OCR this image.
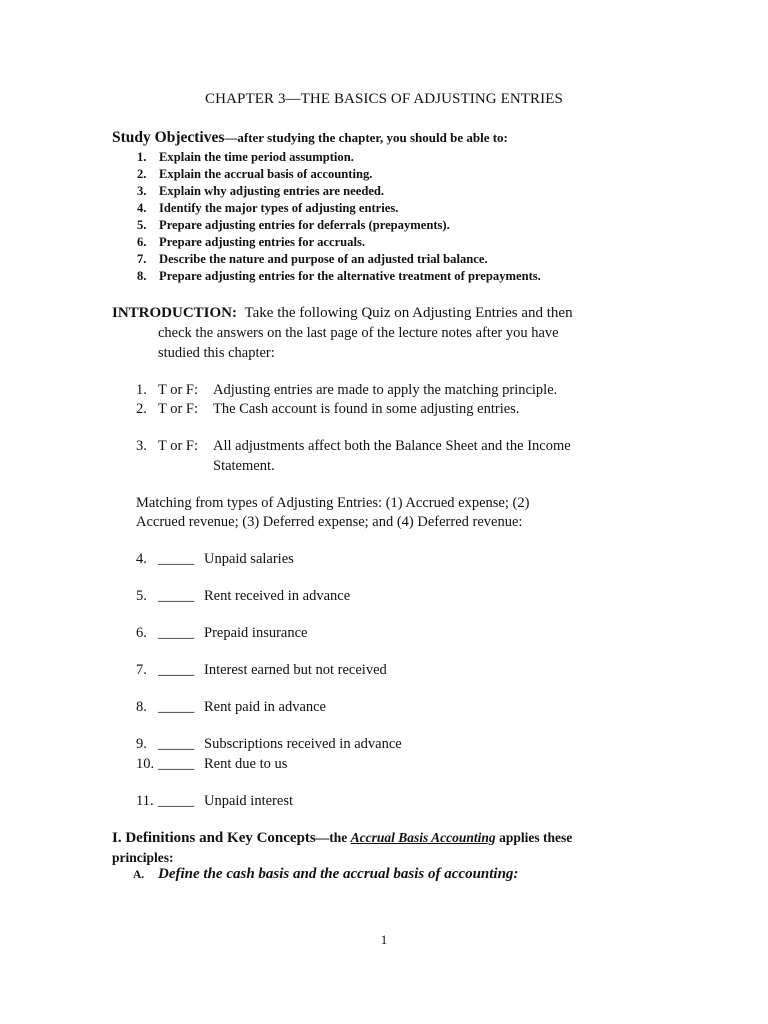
CHAPTER 3—THE BASICS OF ADJUSTING ENTRIES
Study Objectives—after studying the chapter, you should be able to:
1. Explain the time period assumption.
2. Explain the accrual basis of accounting.
3. Explain why adjusting entries are needed.
4. Identify the major types of adjusting entries.
5. Prepare adjusting entries for deferrals (prepayments).
6. Prepare adjusting entries for accruals.
7. Describe the nature and purpose of an adjusted trial balance.
8. Prepare adjusting entries for the alternative treatment of prepayments.
INTRODUCTION: Take the following Quiz on Adjusting Entries and then
check the answers on the last page of the lecture notes after you have
studied this chapter:
1. T or F: Adjusting entries are made to apply the matching principle.
2. T or F: The Cash account is found in some adjusting entries.
3. T or F: All adjustments affect both the Balance Sheet and the Income
Statement.
Matching from types of Adjusting Entries: (1) Accrued expense; (2)
Accrued revenue; (3) Deferred expense; and (4) Deferred revenue:
4. _____ Unpaid salaries
5. _____ Rent received in advance
6. _____ Prepaid insurance
7. _____ Interest earned but not received
8. _____ Rent paid in advance
9. _____ Subscriptions received in advance
10. _____ Rent due to us
11. _____ Unpaid interest
I. Definitions and Key Concepts—the Accrual Basis Accounting applies these
principles:
A. Define the cash basis and the accrual basis of accounting:
1
